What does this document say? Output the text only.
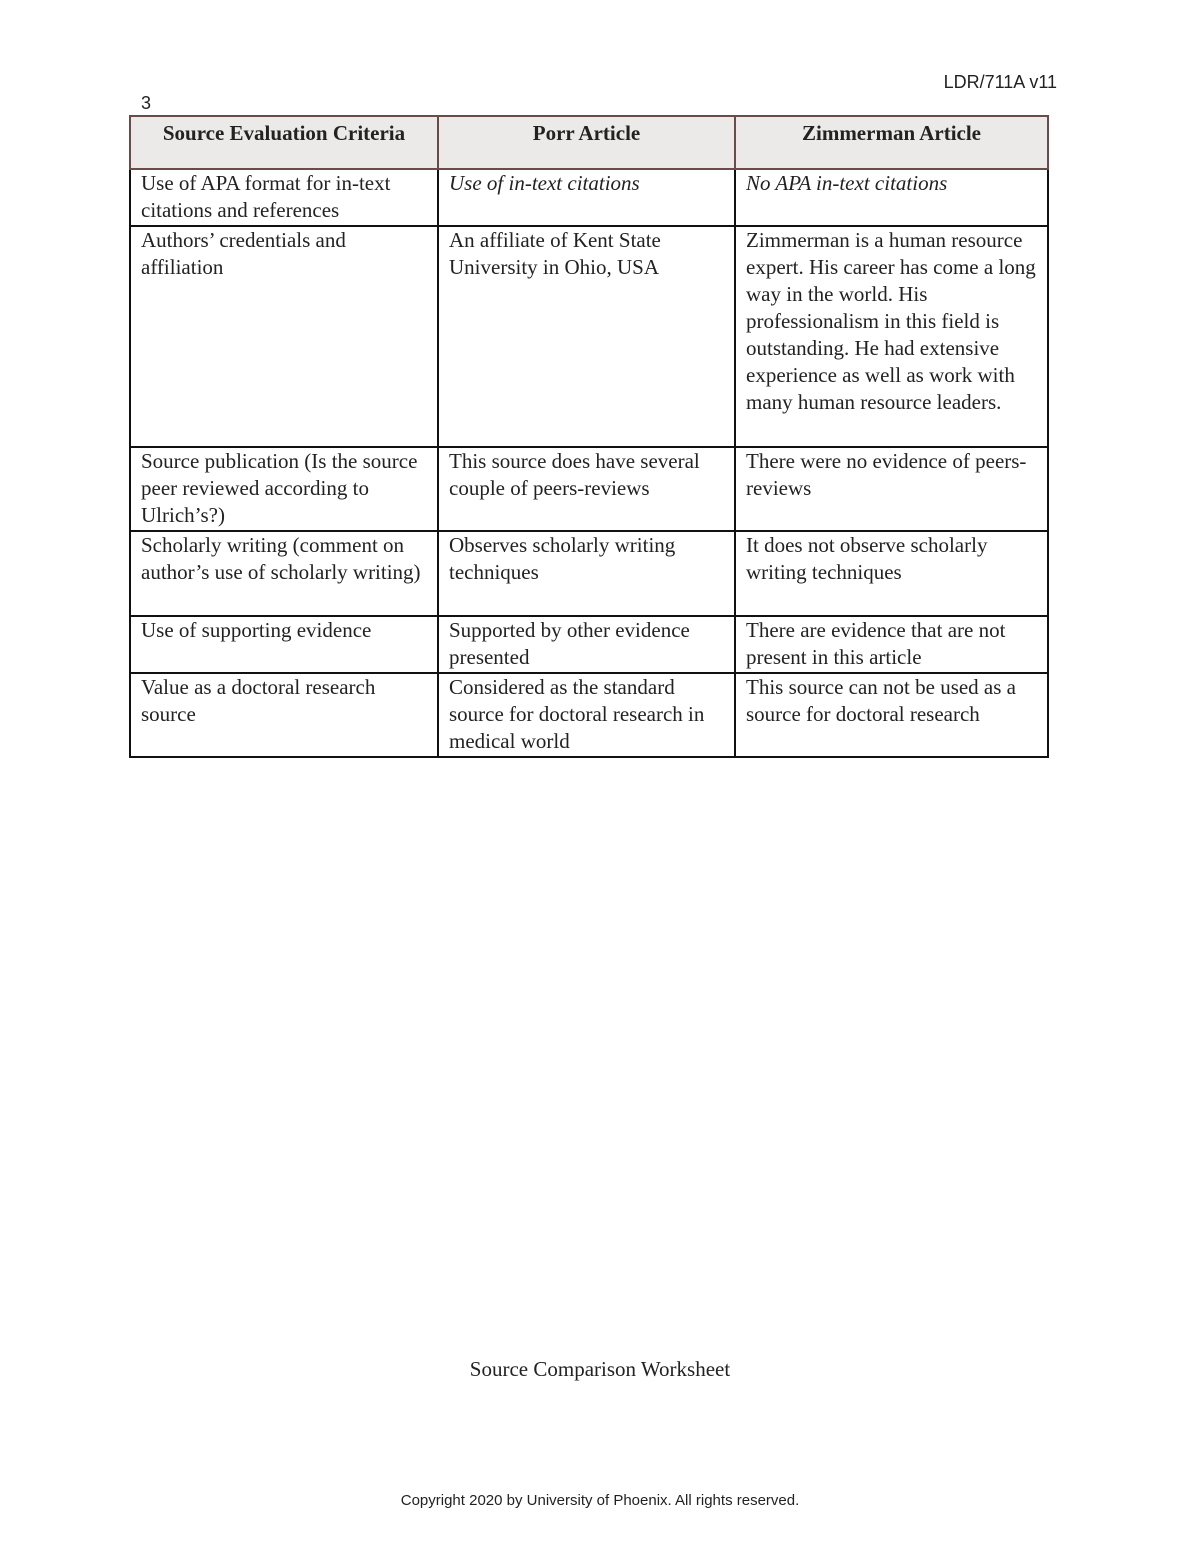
LDR/711A v11
3
Source Evaluation Criteria	Porr Article	Zimmerman Article
Use of APA format for in-text citations and references	Use of in-text citations	No APA in-text citations
Authors’ credentials and affiliation	An affiliate of Kent State University in Ohio, USA	Zimmerman is a human resource expert. His career has come a long way in the world. His professionalism in this field is outstanding. He had extensive experience as well as work with many human resource leaders.
Source publication (Is the source peer reviewed according to Ulrich’s?)	This source does have several couple of peers-reviews	There were no evidence of peers-reviews
Scholarly writing (comment on author’s use of scholarly writing)	Observes scholarly writing techniques	It does not observe scholarly writing techniques
Use of supporting evidence	Supported by other evidence presented	There are evidence that are not present in this article
Value as a doctoral research source	Considered as the standard source for doctoral research in medical world	This source can not be used as a source for doctoral research
Source Comparison Worksheet
Copyright 2020 by University of Phoenix. All rights reserved.
